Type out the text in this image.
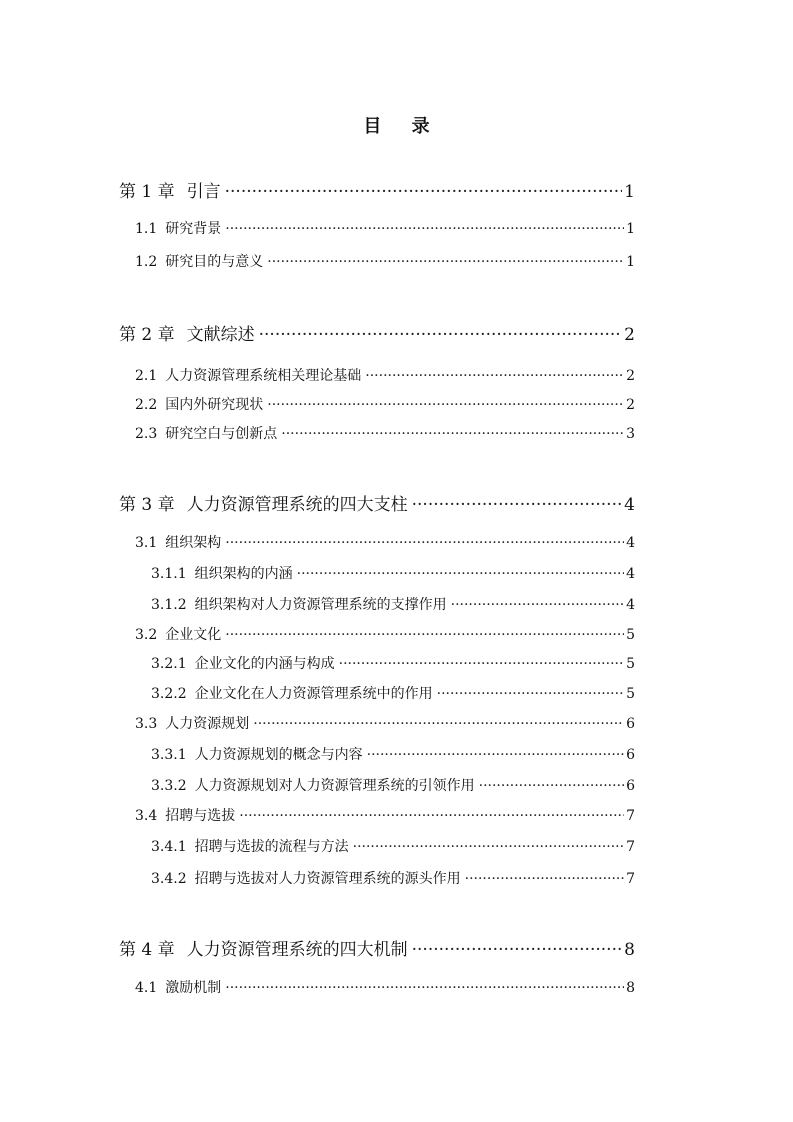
目 录
第 1 章 引言 ·····	1
1.1 研究背景 ·····	1
1.2 研究目的与意义 ·····	1
第 2 章 文献综述 ·····	2
2.1 人力资源管理系统相关理论基础 ·····	2
2.2 国内外研究现状 ·····	2
2.3 研究空白与创新点 ·····	3
第 3 章 人力资源管理系统的四大支柱 ·····	4
3.1 组织架构 ·····	4
3.1.1 组织架构的内涵 ·····	4
3.1.2 组织架构对人力资源管理系统的支撑作用 ·····	4
3.2 企业文化 ·····	5
3.2.1 企业文化的内涵与构成 ·····	5
3.2.2 企业文化在人力资源管理系统中的作用 ·····	5
3.3 人力资源规划 ·····	6
3.3.1 人力资源规划的概念与内容 ·····	6
3.3.2 人力资源规划对人力资源管理系统的引领作用 ·····	6
3.4 招聘与选拔 ·····	7
3.4.1 招聘与选拔的流程与方法 ·····	7
3.4.2 招聘与选拔对人力资源管理系统的源头作用 ·····	7
第 4 章 人力资源管理系统的四大机制 ·····	8
4.1 激励机制 ·····	8
